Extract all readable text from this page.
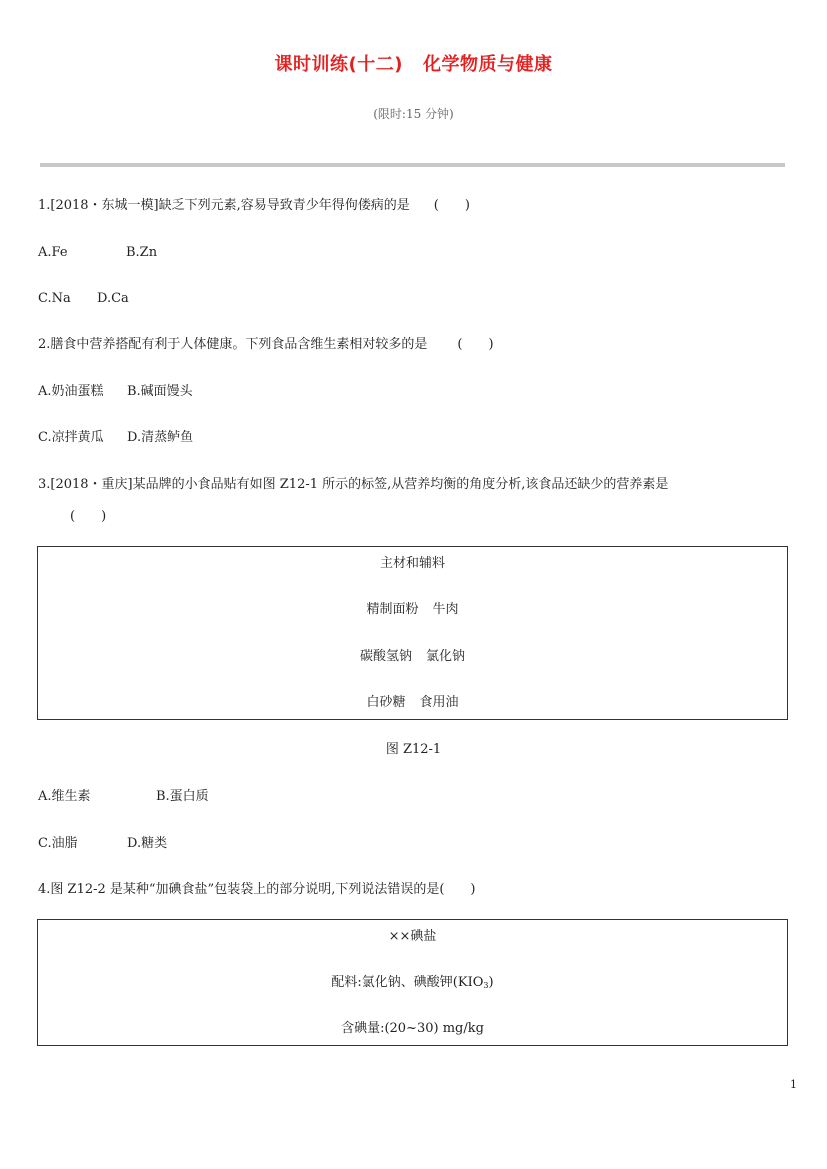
课时训练(十二) 化学物质与健康
(限时:15 分钟)
1.[2018・东城一模]缺乏下列元素,容易导致青少年得佝偻病的是 (　　)
A.Fe	B.Zn
C.Na D.Ca
2.膳食中营养搭配有利于人体健康。下列食品含维生素相对较多的是 (　　)
A.奶油蛋糕 B.碱面馒头
C.凉拌黄瓜 D.清蒸鲈鱼
3.[2018・重庆]某品牌的小食品贴有如图 Z12-1 所示的标签,从营养均衡的角度分析,该食品还缺少的营养素是
(　　)
主材和辅料
精制面粉 牛肉
碳酸氢钠 氯化钠
白砂糖 食用油
图 Z12-1
A.维生素	B.蛋白质
C.油脂	D.糖类
4.图 Z12-2 是某种“加碘食盐”包装袋上的部分说明,下列说法错误的是(　　)
××碘盐
配料:氯化钠、碘酸钾$(KIO_3)$
含碘量:(20~30) mg/kg
1
